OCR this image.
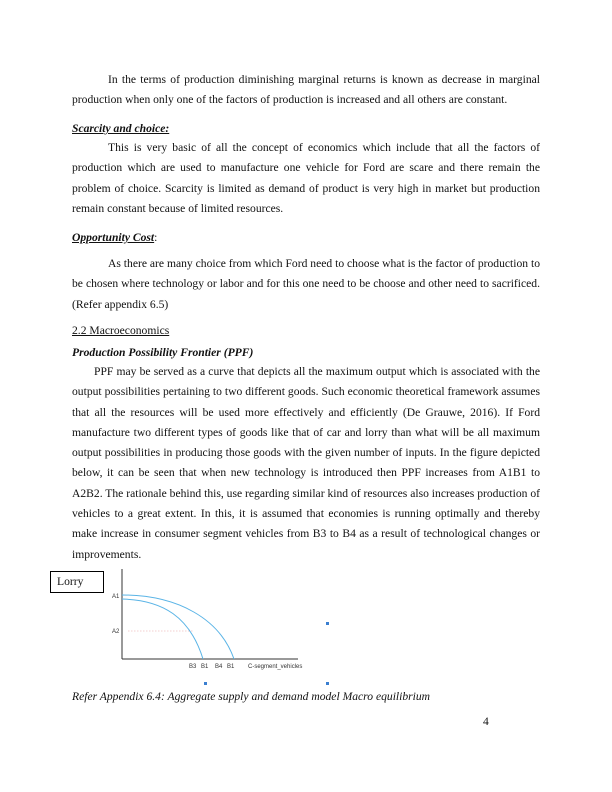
In the terms of production diminishing marginal returns is known as decrease in marginal production when only one of the factors of production is increased and all others are constant.

Scarcity and choice:

This is very basic of all the concept of economics which include that all the factors of production which are used to manufacture one vehicle for Ford are scare and there remain the problem of choice. Scarcity is limited as demand of product is very high in market but production remain constant because of limited resources.

Opportunity Cost:

As there are many choice from which Ford need to choose what is the factor of production to be chosen where technology or labor and for this one need to be choose and other need to sacrificed. (Refer appendix 6.5)

2.2 Macroeconomics

Production Possibility Frontier (PPF)

PPF may be served as a curve that depicts all the maximum output which is associated with the output possibilities pertaining to two different goods. Such economic theoretical framework assumes that all the resources will be used more effectively and efficiently (De Grauwe, 2016). If Ford manufacture two different types of goods like that of car and lorry than what will be all maximum output possibilities in producing those goods with the given number of inputs. In the figure depicted below, it can be seen that when new technology is introduced then PPF increases from A1B1 to A2B2. The rationale behind this, use regarding similar kind of resources also increases production of vehicles to a great extent. In this, it is assumed that economies is running optimally and thereby make increase in consumer segment vehicles from B3 to B4 as a result of technological changes or improvements.

Lorry
A1
A2
B3 B1 B4 B1 C-segment_vehicles

Refer Appendix 6.4: Aggregate supply and demand model Macro equilibrium

4
